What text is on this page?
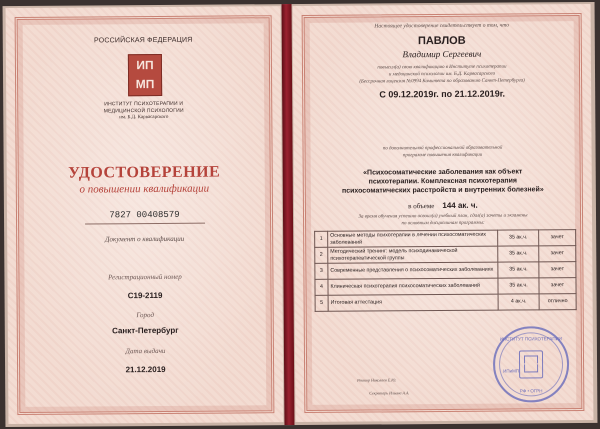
РОССИЙСКАЯ ФЕДЕРАЦИЯ
ИП
МП
ИНСТИТУТ ПСИХОТЕРАПИИ И
МЕДИЦИНСКОЙ ПСИХОЛОГИИ
им. Б.Д. Карвасарского
УДОСТОВЕРЕНИЕ
о повышении квалификации
7827 00408579
Документ о квалификации
Регистрационный номер
С19-2119
Город
Санкт-Петербург
Дата выдачи
21.12.2019
Настоящее удостоверение свидетельствует о том, что
ПАВЛОВ
Владимир Сергеевич
повысил(а) свою квалификацию в Институте психотерапии
и медицинской психологии им. Б.Д. Карвасарского
(Бессрочная лицензия №0994 Комитета по образованию Санкт-Петербурга)
С 09.12.2019г. по 21.12.2019г.
по дополнительной профессиональной образовательной
программе повышения квалификации
«Психосоматические заболевания как объект
психотерапии. Комплексная психотерапия
психосоматических расстройств и внутренних болезней»
в объеме 144 ак. ч.
За время обучения успешно освоил(а) учебный план, сдал(а) зачеты и экзамены
по основным дисциплинам программы:
1	Основные методы психотерапии в лечении психосоматических заболеваний	35 ак.ч.	зачет
2	Методический тренинг: модель психодинамической психотерапевтической группы	35 ак.ч.	зачет
3	Современные представления о психосоматических заболеваниях	35 ак.ч.	зачет
4	Клиническая психотерапия психосоматических заболеваний	35 ак.ч.	зачет
5	Итоговая аттестация	4 ак.ч.	отлично
Ректор Николаев Е.Ю.
Секретарь Ильина А.А.
ИНСТИТУТ ПСИХОТЕРАПИИ
ИПиМП
РФ • ОГРН
